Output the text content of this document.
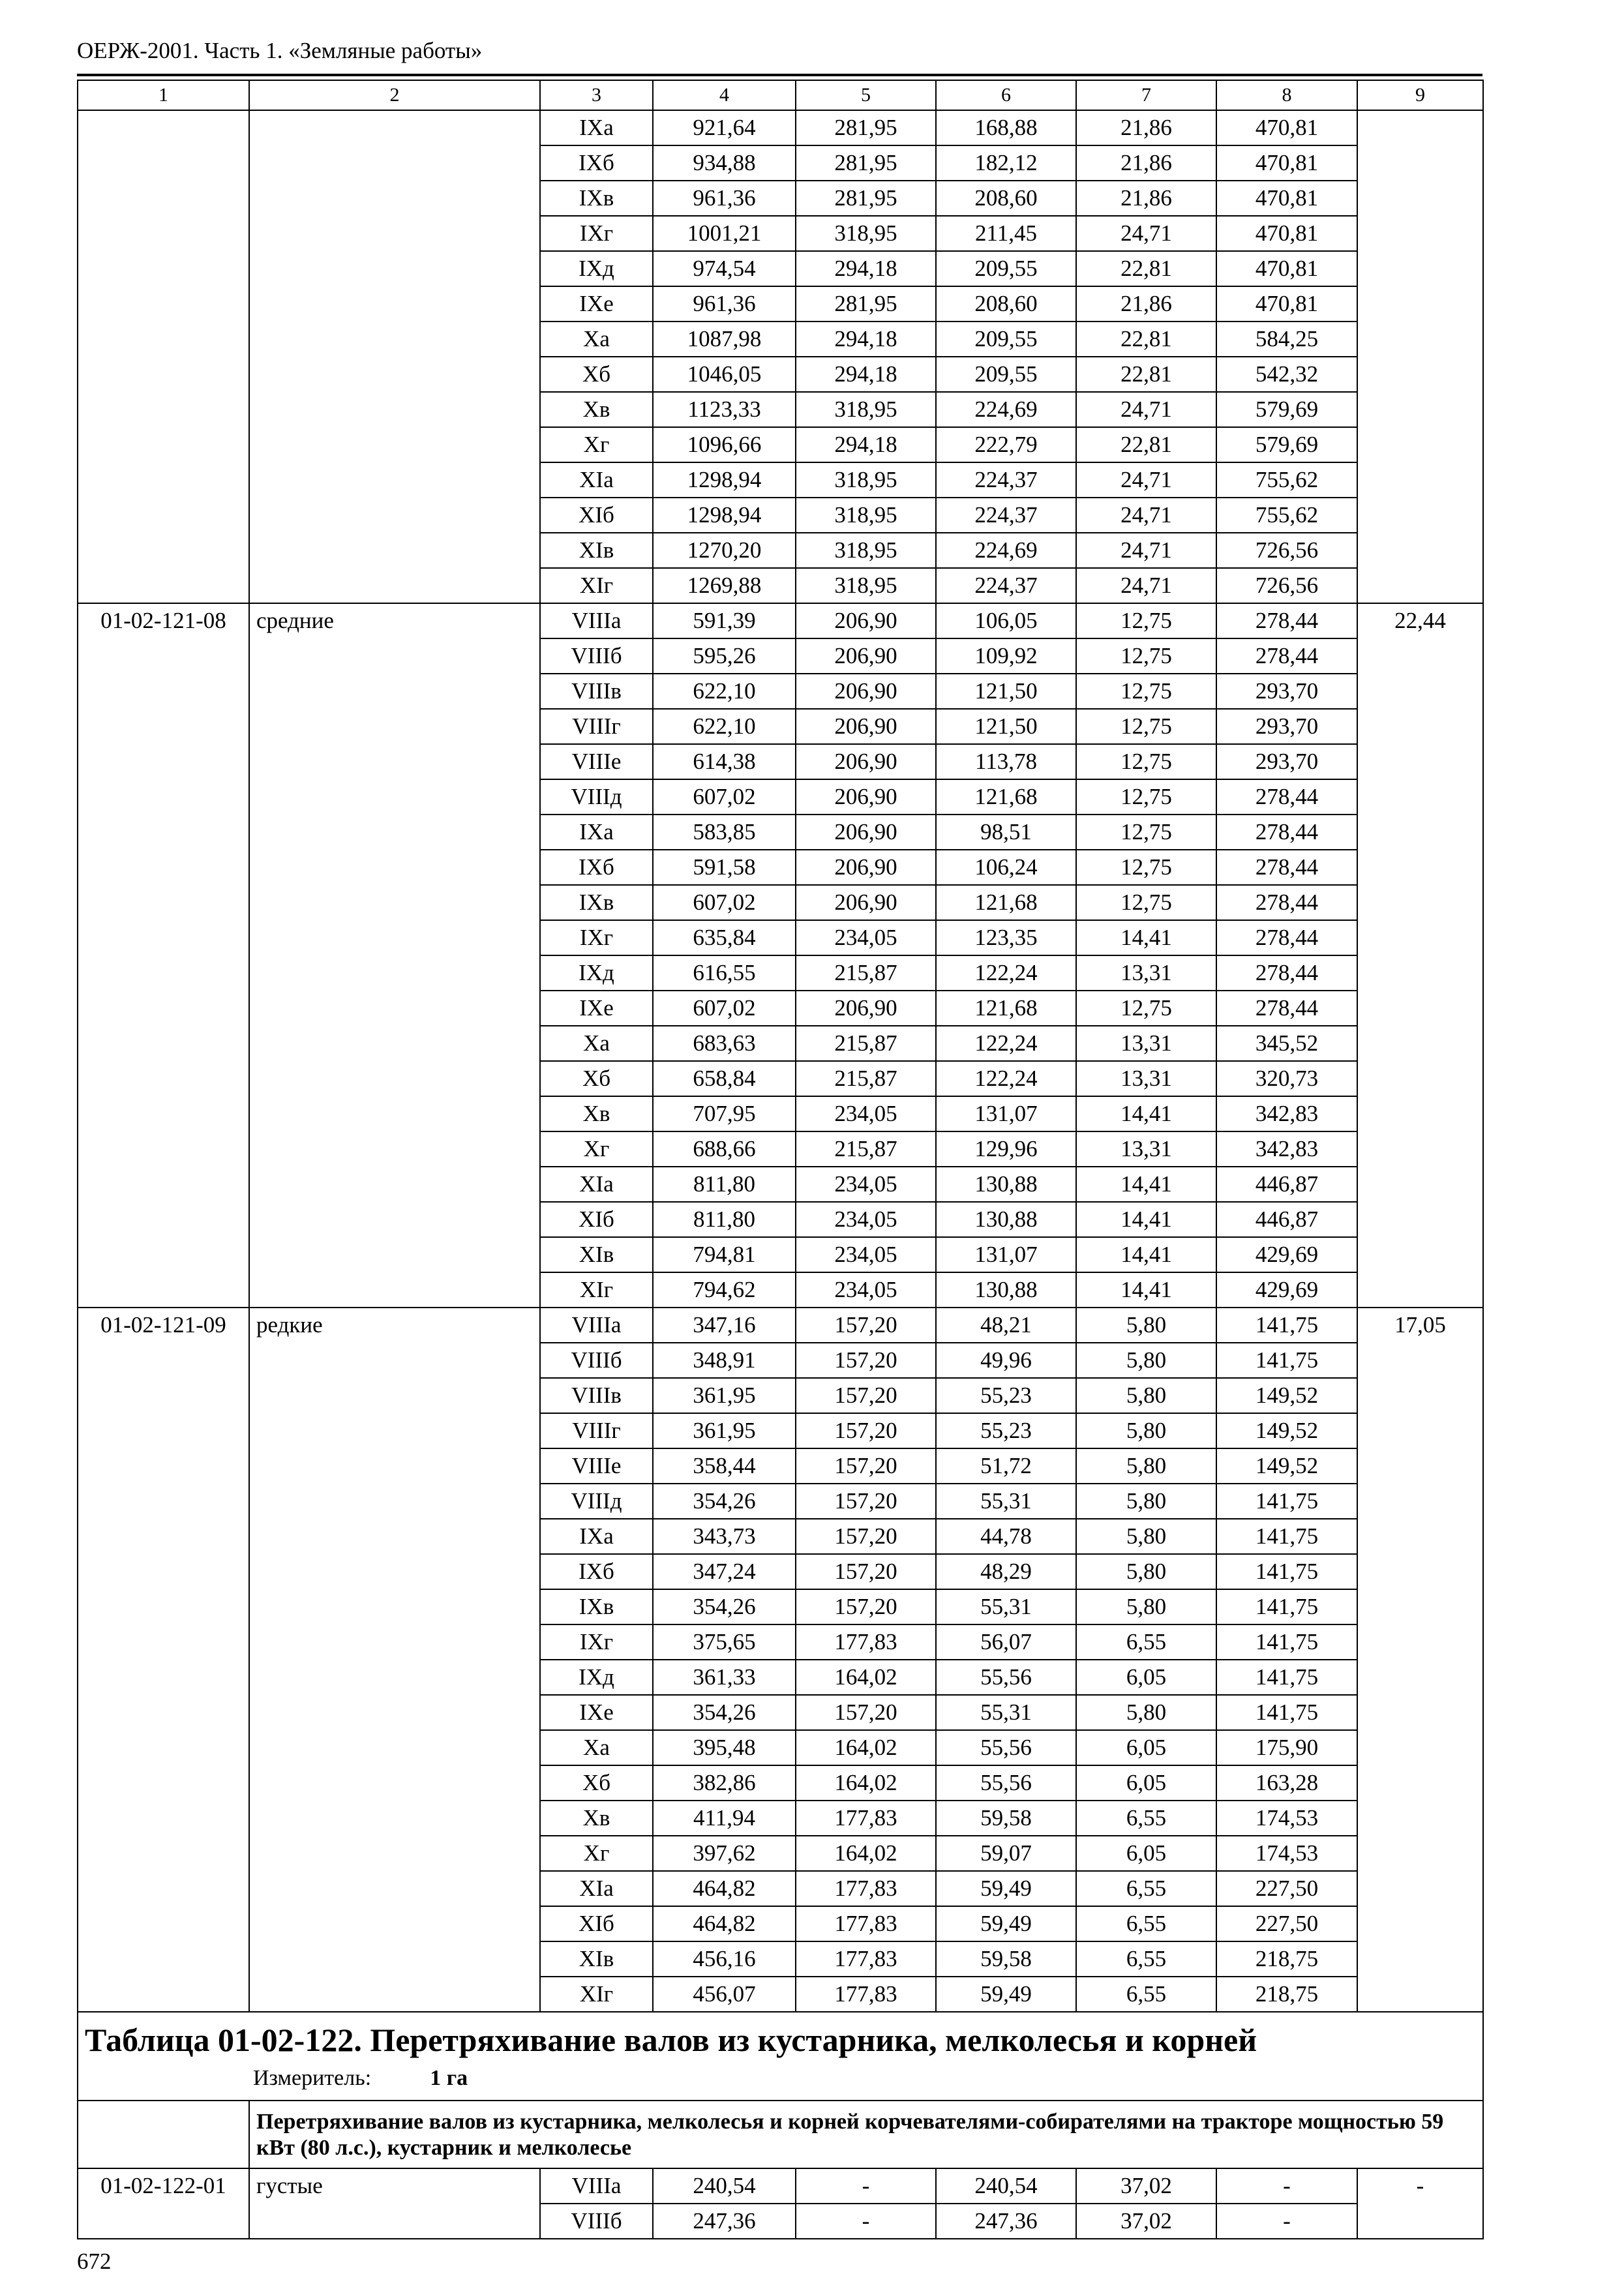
ОЕРЖ-2001. Часть 1. «Земляные работы»
1	2	3	4	5	6	7	8	9
		IXа	921,64	281,95	168,88	21,86	470,81	
		IXб	934,88	281,95	182,12	21,86	470,81	
		IXв	961,36	281,95	208,60	21,86	470,81	
		IXг	1001,21	318,95	211,45	24,71	470,81	
		IXд	974,54	294,18	209,55	22,81	470,81	
		IXе	961,36	281,95	208,60	21,86	470,81	
		Xа	1087,98	294,18	209,55	22,81	584,25	
		Xб	1046,05	294,18	209,55	22,81	542,32	
		Xв	1123,33	318,95	224,69	24,71	579,69	
		Xг	1096,66	294,18	222,79	22,81	579,69	
		XIа	1298,94	318,95	224,37	24,71	755,62	
		XIб	1298,94	318,95	224,37	24,71	755,62	
		XIв	1270,20	318,95	224,69	24,71	726,56	
		XIг	1269,88	318,95	224,37	24,71	726,56	
01-02-121-08	средние	VIIIа	591,39	206,90	106,05	12,75	278,44	22,44
		VIIIб	595,26	206,90	109,92	12,75	278,44	
		VIIIв	622,10	206,90	121,50	12,75	293,70	
		VIIIг	622,10	206,90	121,50	12,75	293,70	
		VIIIе	614,38	206,90	113,78	12,75	293,70	
		VIIIд	607,02	206,90	121,68	12,75	278,44	
		IXа	583,85	206,90	98,51	12,75	278,44	
		IXб	591,58	206,90	106,24	12,75	278,44	
		IXв	607,02	206,90	121,68	12,75	278,44	
		IXг	635,84	234,05	123,35	14,41	278,44	
		IXд	616,55	215,87	122,24	13,31	278,44	
		IXе	607,02	206,90	121,68	12,75	278,44	
		Xа	683,63	215,87	122,24	13,31	345,52	
		Xб	658,84	215,87	122,24	13,31	320,73	
		Xв	707,95	234,05	131,07	14,41	342,83	
		Xг	688,66	215,87	129,96	13,31	342,83	
		XIа	811,80	234,05	130,88	14,41	446,87	
		XIб	811,80	234,05	130,88	14,41	446,87	
		XIв	794,81	234,05	131,07	14,41	429,69	
		XIг	794,62	234,05	130,88	14,41	429,69	
01-02-121-09	редкие	VIIIа	347,16	157,20	48,21	5,80	141,75	17,05
		VIIIб	348,91	157,20	49,96	5,80	141,75	
		VIIIв	361,95	157,20	55,23	5,80	149,52	
		VIIIг	361,95	157,20	55,23	5,80	149,52	
		VIIIе	358,44	157,20	51,72	5,80	149,52	
		VIIIд	354,26	157,20	55,31	5,80	141,75	
		IXа	343,73	157,20	44,78	5,80	141,75	
		IXб	347,24	157,20	48,29	5,80	141,75	
		IXв	354,26	157,20	55,31	5,80	141,75	
		IXг	375,65	177,83	56,07	6,55	141,75	
		IXд	361,33	164,02	55,56	6,05	141,75	
		IXе	354,26	157,20	55,31	5,80	141,75	
		Xа	395,48	164,02	55,56	6,05	175,90	
		Xб	382,86	164,02	55,56	6,05	163,28	
		Xв	411,94	177,83	59,58	6,55	174,53	
		Xг	397,62	164,02	59,07	6,05	174,53	
		XIа	464,82	177,83	59,49	6,55	227,50	
		XIб	464,82	177,83	59,49	6,55	227,50	
		XIв	456,16	177,83	59,58	6,55	218,75	
		XIг	456,07	177,83	59,49	6,55	218,75	

Таблица 01-02-122. Перетряхивание валов из кустарника, мелколесья и корней
Измеритель: 1 га								

	Перетряхивание валов из кустарника, мелколесья и корней корчевателями-собирателями на тракторе мощностью 59 кВт (80 л.с.), кустарник и мелколесье							
01-02-122-01	густые	VIIIа	240,54	-	240,54	37,02	-	-
		VIIIб	247,36	-	247,36	37,02	-	
672
